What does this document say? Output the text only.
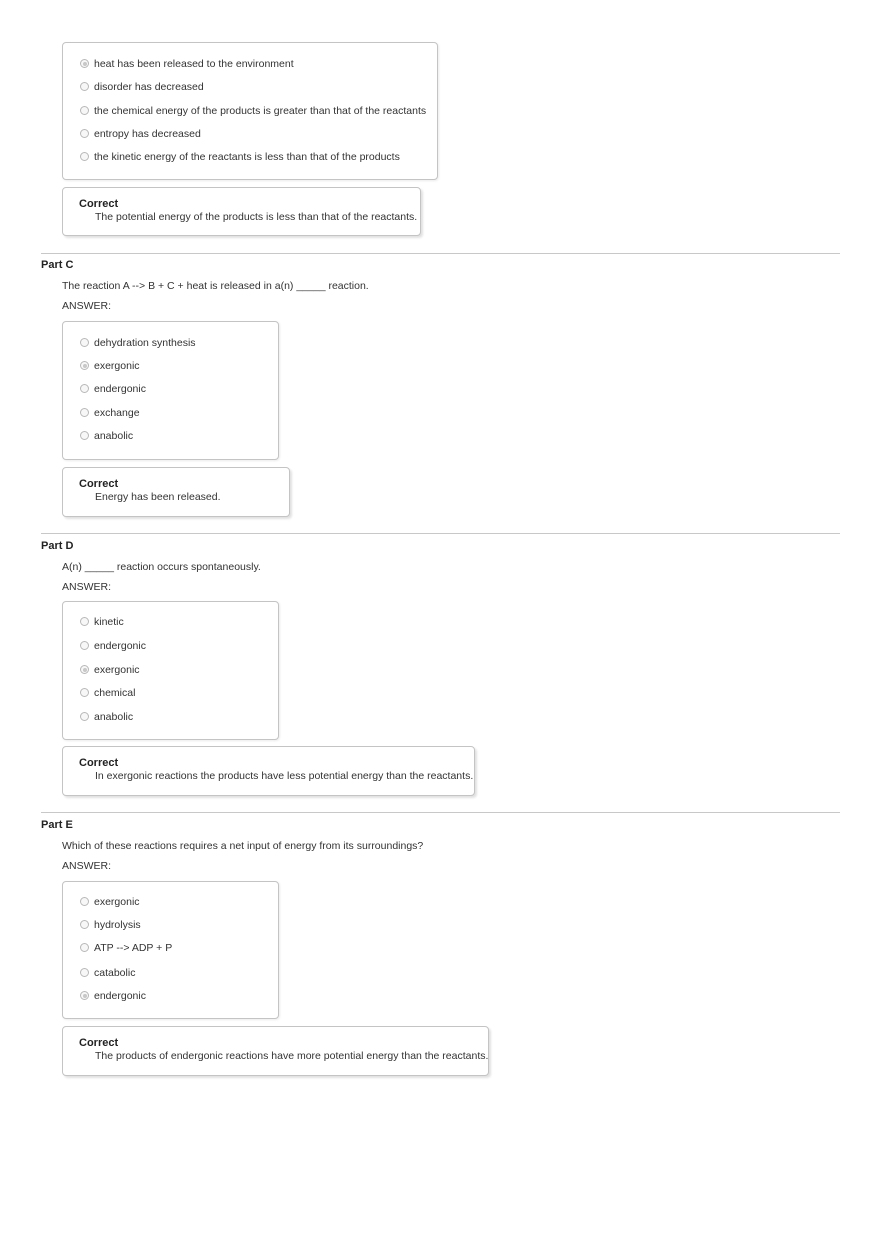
heat has been released to the environment
disorder has decreased
the chemical energy of the products is greater than that of the reactants
entropy has decreased
the kinetic energy of the reactants is less than that of the products
Correct
The potential energy of the products is less than that of the reactants.
Part C
The reaction A --> B + C + heat is released in a(n) _____ reaction.
ANSWER:
dehydration synthesis
exergonic
endergonic
exchange
anabolic
Correct
Energy has been released.
Part D
A(n) _____ reaction occurs spontaneously.
ANSWER:
kinetic
endergonic
exergonic
chemical
anabolic
Correct
In exergonic reactions the products have less potential energy than the reactants.
Part E
Which of these reactions requires a net input of energy from its surroundings?
ANSWER:
exergonic
hydrolysis
ATP --> ADP + P
catabolic
endergonic
Correct
The products of endergonic reactions have more potential energy than the reactants.
